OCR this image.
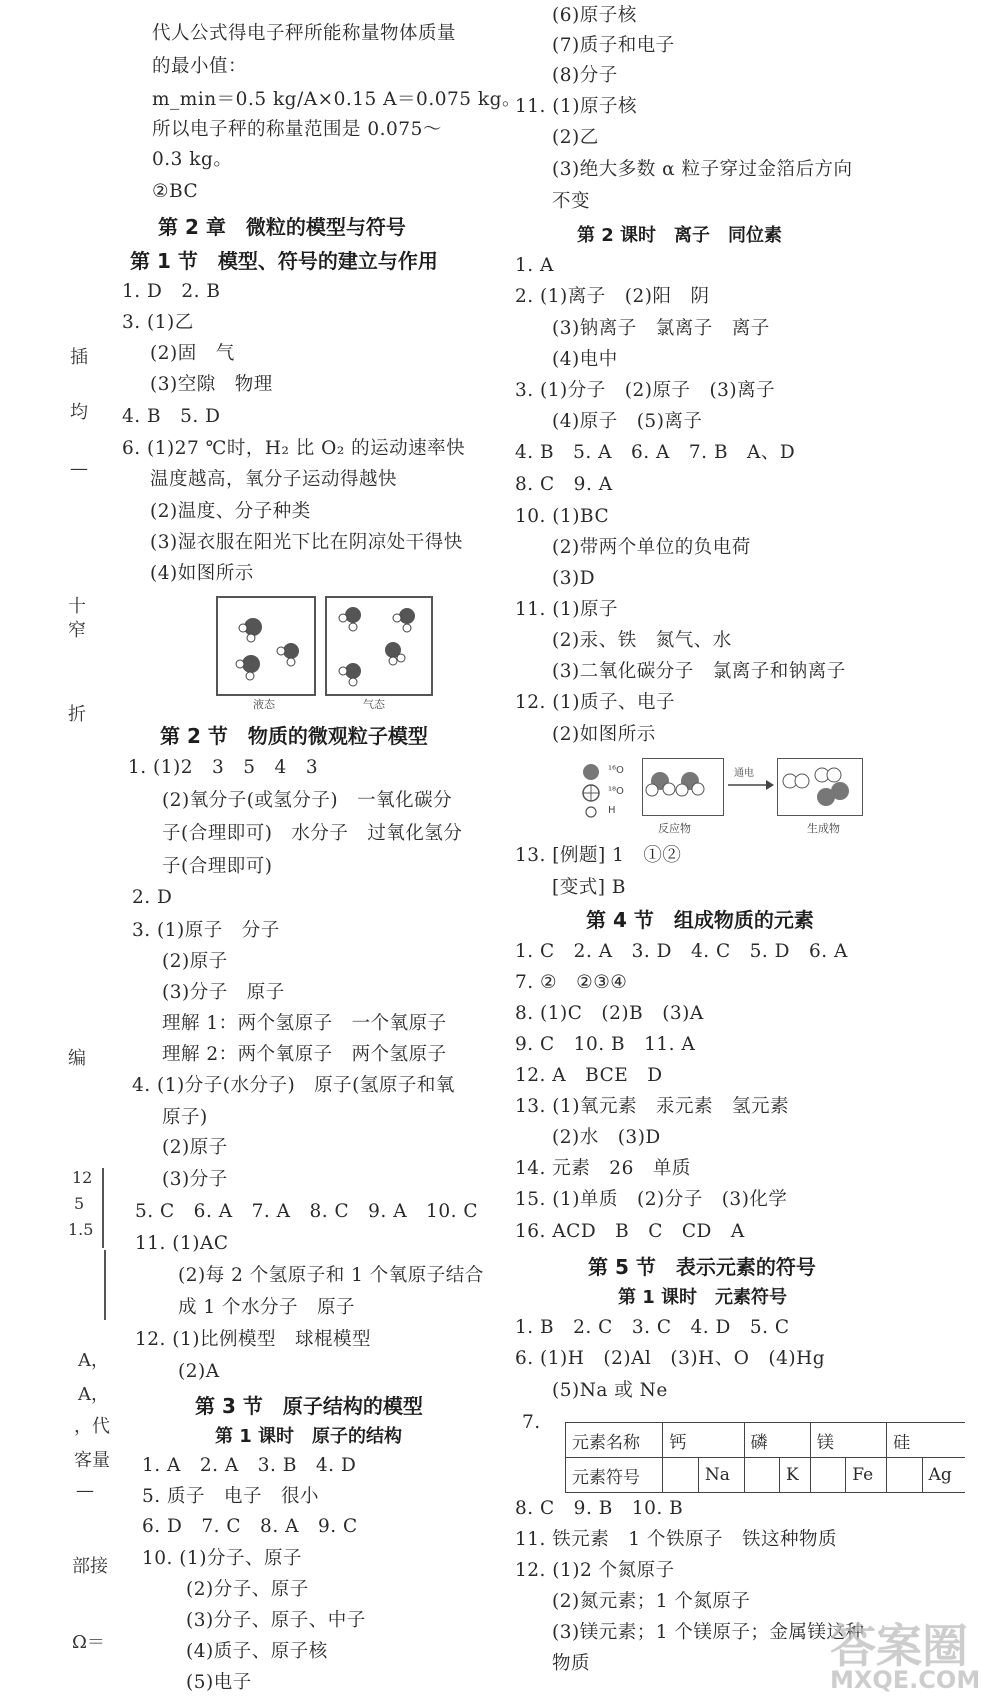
插
均
—
十
窄
折
编
12
5
1.5
A，
A，
，代
客量
—
部接
Ω＝
代人公式得电子秤所能称量物体质量
的最小值：
m_min＝0.5 kg/A×0.15 A＝0.075 kg。
所以电子秤的称量范围是 0.075～
0.3 kg。
②BC
第 2 章　微粒的模型与符号
第 1 节　模型、符号的建立与作用
1. D　2. B
3. (1)乙
(2)固　气
(3)空隙　物理
4. B　5. D
6. (1)27 ℃时，H₂ 比 O₂ 的运动速率快
温度越高，氧分子运动得越快
(2)温度、分子种类
(3)湿衣服在阳光下比在阴凉处干得快
(4)如图所示
液态	气态
第 2 节　物质的微观粒子模型
1. (1)2　3　5　4　3
(2)氧分子(或氢分子)　一氧化碳分
子(合理即可)　水分子　过氧化氢分
子(合理即可)
2. D
3. (1)原子　分子
(2)原子
(3)分子　原子
理解 1：两个氢原子　一个氧原子
理解 2：两个氧原子　两个氢原子
4. (1)分子(水分子)　原子(氢原子和氧
原子)
(2)原子
(3)分子
5. C　6. A　7. A　8. C　9. A　10. C
11. (1)AC
(2)每 2 个氢原子和 1 个氧原子结合
成 1 个水分子　原子
12. (1)比例模型　球棍模型
(2)A
第 3 节　原子结构的模型
第 1 课时　原子的结构
1. A　2. A　3. B　4. D
5. 质子　电子　很小
6. D　7. C　8. A　9. C
10. (1)分子、原子
(2)分子、原子
(3)分子、原子、中子
(4)质子、原子核
(5)电子
(6)原子核
(7)质子和电子
(8)分子
11. (1)原子核
(2)乙
(3)绝大多数 α 粒子穿过金箔后方向
不变
第 2 课时　离子　同位素
1. A
2. (1)离子　(2)阳　阴
(3)钠离子　氯离子　离子
(4)电中
3. (1)分子　(2)原子　(3)离子
(4)原子　(5)离子
4. B　5. A　6. A　7. B　A、D
8. C　9. A
10. (1)BC
(2)带两个单位的负电荷
(3)D
11. (1)原子
(2)汞、铁　氮气、水
(3)二氧化碳分子　氯离子和钠离子
12. (1)质子、电子
(2)如图所示
¹⁶O
¹⁸O
H
反应物
通电
生成物
13. [例题] 1　①②
[变式] B
第 4 节　组成物质的元素
1. C　2. A　3. D　4. C　5. D　6. A
7. ②　②③④
8. (1)C　(2)B　(3)A
9. C　10. B　11. A
12. A　BCE　D
13. (1)氧元素　汞元素　氢元素
(2)水　(3)D
14. 元素　26　单质
15. (1)单质　(2)分子　(3)化学
16. ACD　B　C　CD　A
第 5 节　表示元素的符号
第 1 课时　元素符号
1. B　2. C　3. C　4. D　5. C
6. (1)H　(2)Al　(3)H、O　(4)Hg
(5)Na 或 Ne
7.
元素名称	钙		磷		镁		硅	
元素符号		Na		K		Fe		Ag
8. C　9. B　10. B
11. 铁元素　1 个铁原子　铁这种物质
12. (1)2 个氮原子
(2)氮元素；1 个氮原子
(3)镁元素；1 个镁原子；金属镁这种
物质	答案圈
MXQE.COM
